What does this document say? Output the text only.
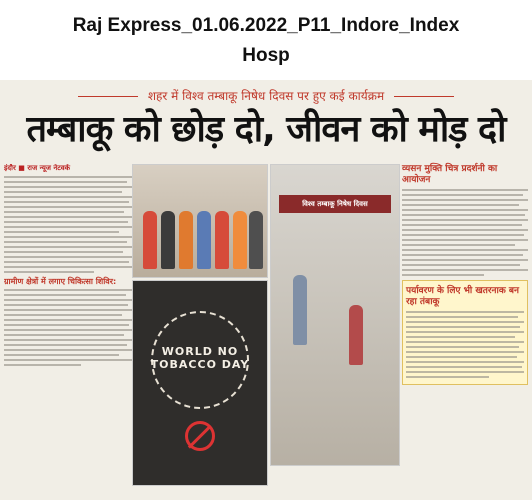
Raj Express_01.06.2022_P11_Indore_Index
Hosp
शहर में विश्व तम्बाकू निषेध दिवस पर हुए कई कार्यक्रम
तम्बाकू को छोड़ दो, जीवन को मोड़ दो
इंदौर ■ राज न्यूज नेटवर्क
ग्रामीण क्षेत्रों में लगाए चिकित्सा शिविर:
WORLD NO TOBACCO DAY
विश्व तम्बाकू निषेध दिवस
व्यसन मुक्ति चित्र प्रदर्शनी का आयोजन
पर्यावरण के लिए भी खतरनाक बन रहा तंबाकू
